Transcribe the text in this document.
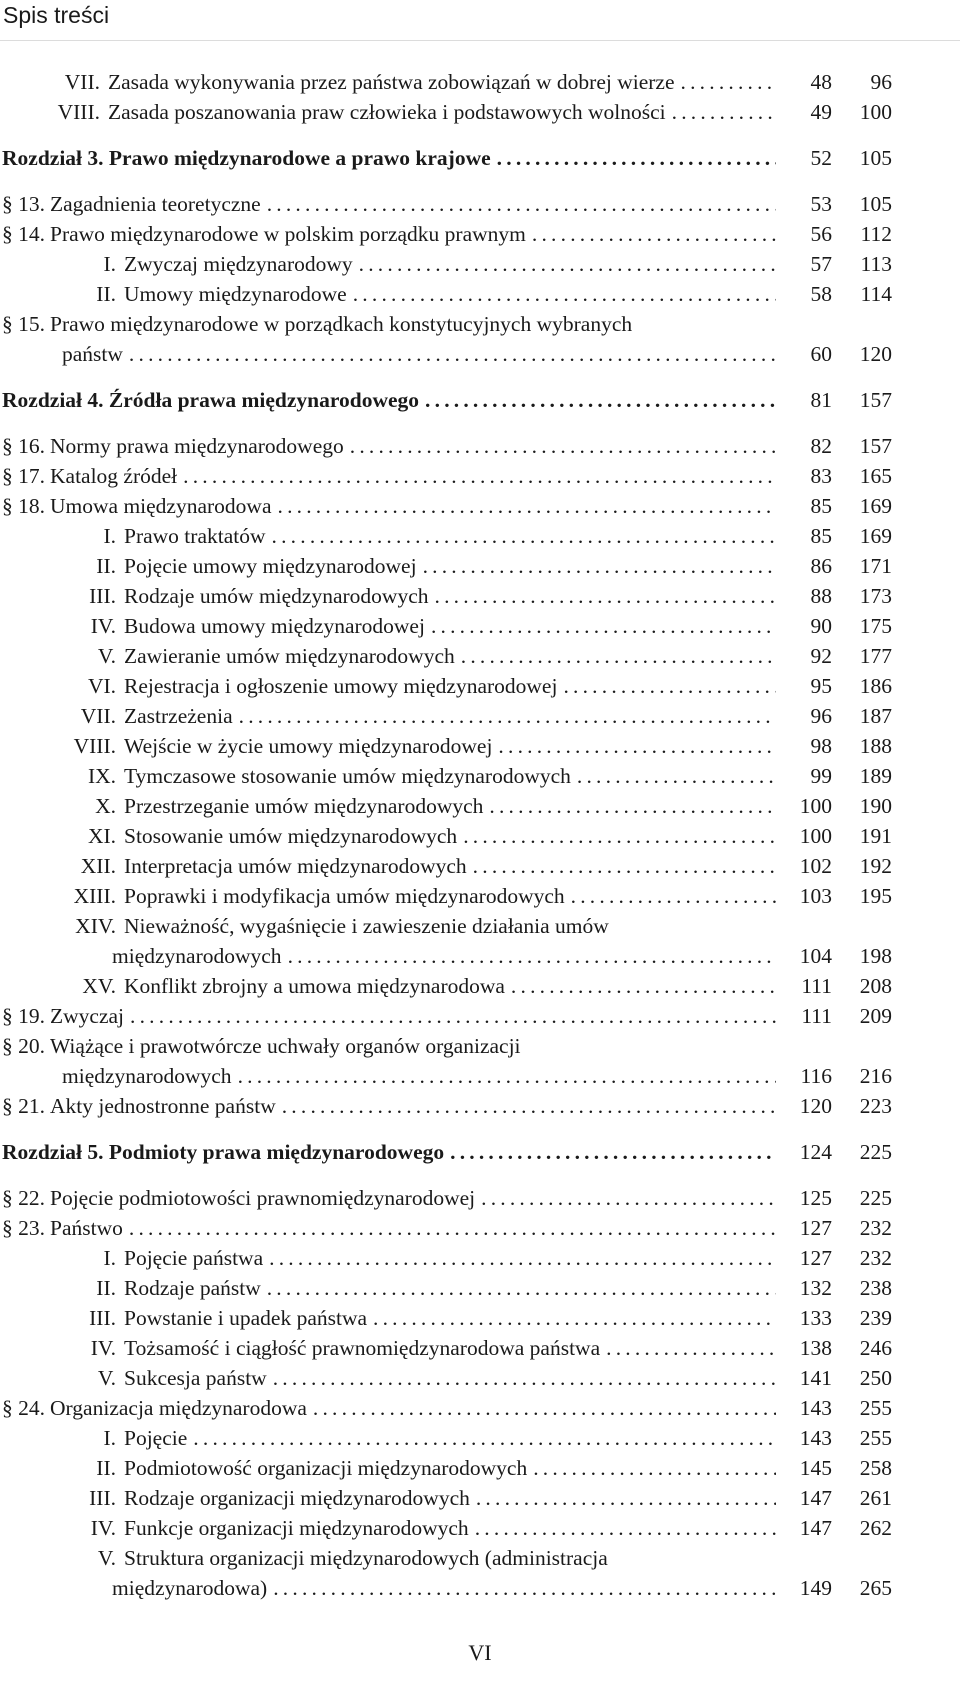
Spis treści
VII. Zasada wykonywania przez państwa zobowiązań w dobrej wierze .....	48	96
VIII. Zasada poszanowania praw człowieka i podstawowych wolności .....	49	100
Rozdział 3. Prawo międzynarodowe a prawo krajowe .....	52	105
§ 13. Zagadnienia teoretyczne .....	53	105
§ 14. Prawo międzynarodowe w polskim porządku prawnym .....	56	112
I. Zwyczaj międzynarodowy .....	57	113
II. Umowy międzynarodowe .....	58	114
§ 15. Prawo międzynarodowe w porządkach konstytucyjnych wybranych
państw .....	60	120
Rozdział 4. Źródła prawa międzynarodowego .....	81	157
§ 16. Normy prawa międzynarodowego .....	82	157
§ 17. Katalog źródeł .....	83	165
§ 18. Umowa międzynarodowa .....	85	169
I. Prawo traktatów .....	85	169
II. Pojęcie umowy międzynarodowej .....	86	171
III. Rodzaje umów międzynarodowych .....	88	173
IV. Budowa umowy międzynarodowej .....	90	175
V. Zawieranie umów międzynarodowych .....	92	177
VI. Rejestracja i ogłoszenie umowy międzynarodowej .....	95	186
VII. Zastrzeżenia .....	96	187
VIII. Wejście w życie umowy międzynarodowej .....	98	188
IX. Tymczasowe stosowanie umów międzynarodowych .....	99	189
X. Przestrzeganie umów międzynarodowych .....	100	190
XI. Stosowanie umów międzynarodowych .....	100	191
XII. Interpretacja umów międzynarodowych .....	102	192
XIII. Poprawki i modyfikacja umów międzynarodowych .....	103	195
XIV. Nieważność, wygaśnięcie i zawieszenie działania umów
międzynarodowych .....	104	198
XV. Konflikt zbrojny a umowa międzynarodowa .....	111	208
§ 19. Zwyczaj .....	111	209
§ 20. Wiążące i prawotwórcze uchwały organów organizacji
międzynarodowych .....	116	216
§ 21. Akty jednostronne państw .....	120	223
Rozdział 5. Podmioty prawa międzynarodowego .....	124	225
§ 22. Pojęcie podmiotowości prawnomiędzynarodowej .....	125	225
§ 23. Państwo .....	127	232
I. Pojęcie państwa .....	127	232
II. Rodzaje państw .....	132	238
III. Powstanie i upadek państwa .....	133	239
IV. Tożsamość i ciągłość prawnomiędzynarodowa państwa .....	138	246
V. Sukcesja państw .....	141	250
§ 24. Organizacja międzynarodowa .....	143	255
I. Pojęcie .....	143	255
II. Podmiotowość organizacji międzynarodowych .....	145	258
III. Rodzaje organizacji międzynarodowych .....	147	261
IV. Funkcje organizacji międzynarodowych .....	147	262
V. Struktura organizacji międzynarodowych (administracja
międzynarodowa) .....	149	265
VI
